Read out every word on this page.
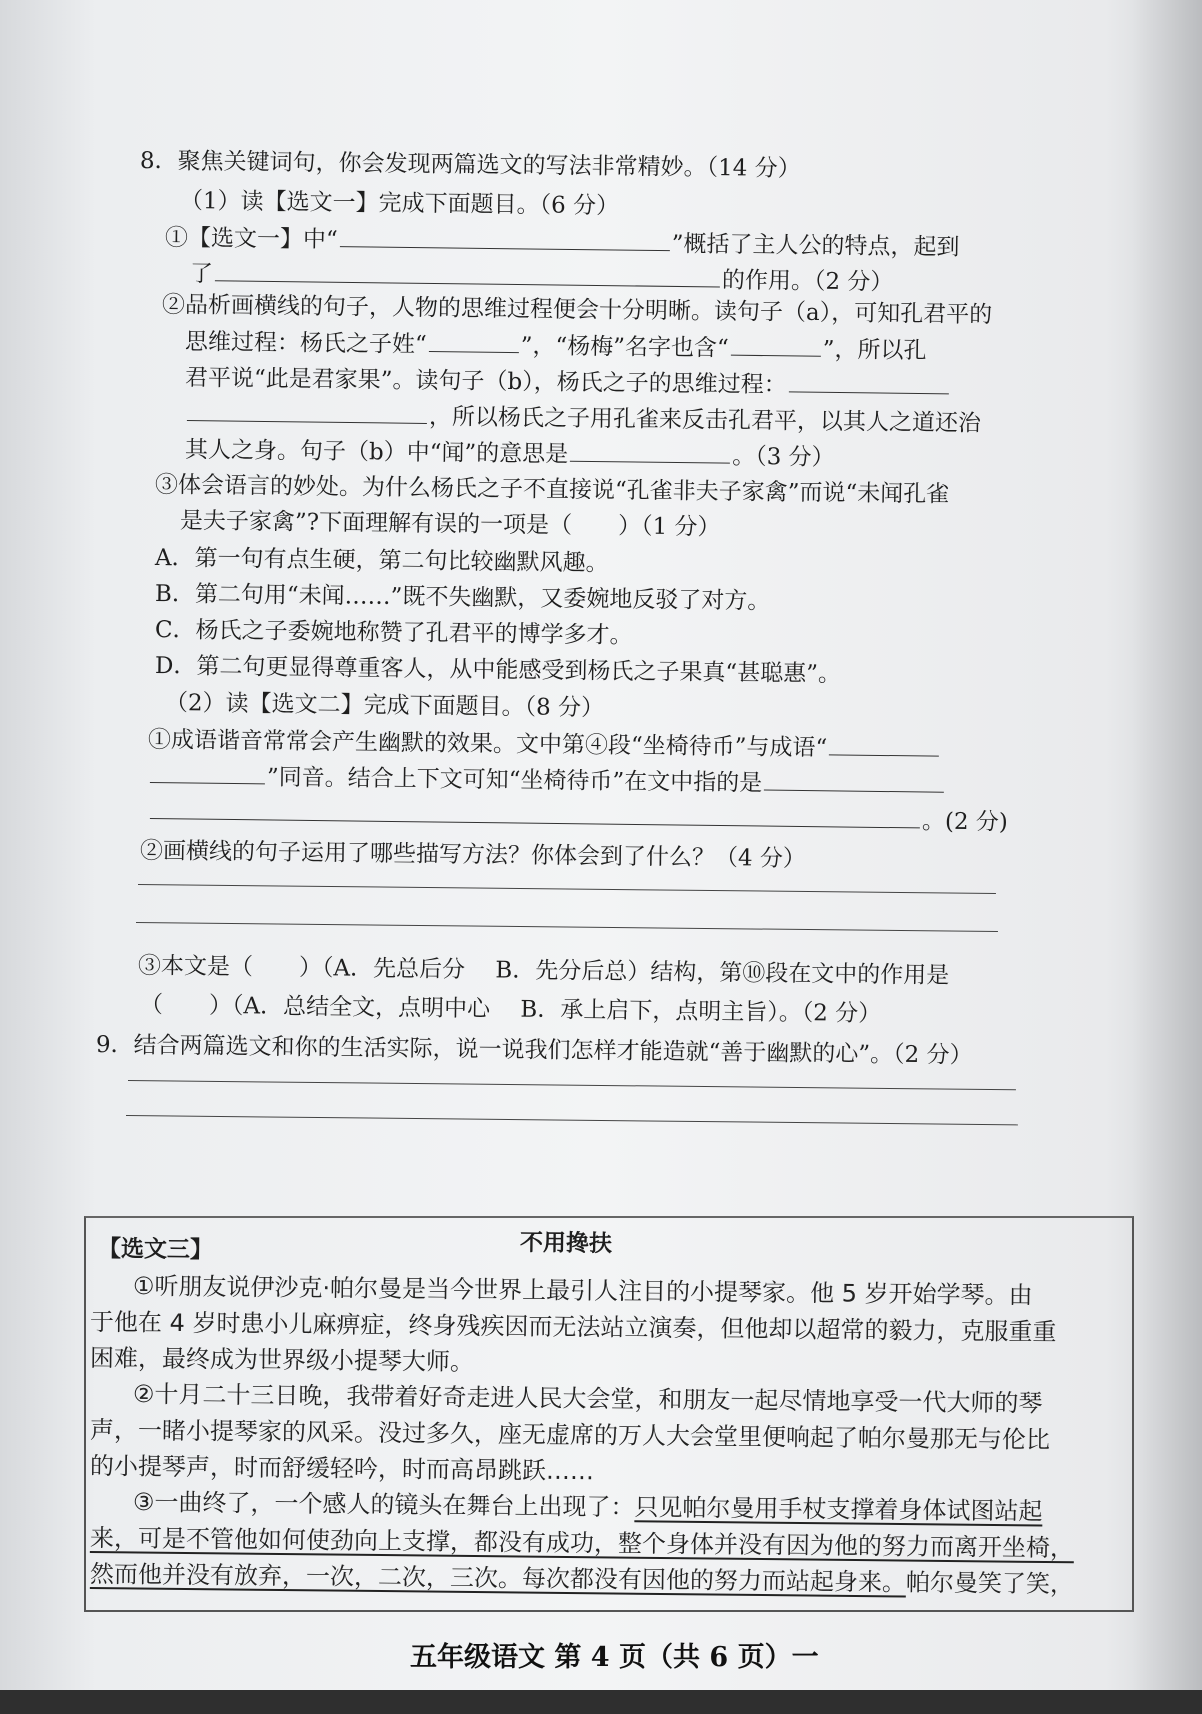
8．聚焦关键词句，你会发现两篇选文的写法非常精妙。（14 分）
（1）读【选文一】完成下面题目。（6 分）
①【选文一】中“	”概括了主人公的特点，起到
了	的作用。（2 分）
②品析画横线的句子，人物的思维过程便会十分明晰。读句子（a），可知孔君平的
思维过程：杨氏之子姓“	”，“杨梅”名字也含“	”，所以孔
君平说“此是君家果”。读句子（b），杨氏之子的思维过程：
，所以杨氏之子用孔雀来反击孔君平，以其人之道还治
其人之身。句子（b）中“闻”的意思是	。（3 分）
③体会语言的妙处。为什么杨氏之子不直接说“孔雀非夫子家禽”而说“未闻孔雀
是夫子家禽”?下面理解有误的一项是（　　）（1 分）
A．第一句有点生硬，第二句比较幽默风趣。
B．第二句用“未闻……”既不失幽默，又委婉地反驳了对方。
C．杨氏之子委婉地称赞了孔君平的博学多才。
D．第二句更显得尊重客人，从中能感受到杨氏之子果真“甚聪惠”。
（2）读【选文二】完成下面题目。（8 分）
①成语谐音常常会产生幽默的效果。文中第④段“坐椅待币”与成语“
”同音。结合上下文可知“坐椅待币”在文中指的是
。(2 分)
②画横线的句子运用了哪些描写方法？你体会到了什么？（4 分）
③本文是（　　）（A．先总后分　 B．先分后总）结构，第⑩段在文中的作用是
（　　）（A．总结全文，点明中心　 B．承上启下，点明主旨）。（2 分）
9．结合两篇选文和你的生活实际，说一说我们怎样才能造就“善于幽默的心”。（2 分）
【选文三】	不用搀扶
①听朋友说伊沙克·帕尔曼是当今世界上最引人注目的小提琴家。他 5 岁开始学琴。由
于他在 4 岁时患小儿麻痹症，终身残疾因而无法站立演奏，但他却以超常的毅力，克服重重
困难，最终成为世界级小提琴大师。
②十月二十三日晚，我带着好奇走进人民大会堂，和朋友一起尽情地享受一代大师的琴
声，一睹小提琴家的风采。没过多久，座无虚席的万人大会堂里便响起了帕尔曼那无与伦比
的小提琴声，时而舒缓轻吟，时而高昂跳跃……
③一曲终了，一个感人的镜头在舞台上出现了：只见帕尔曼用手杖支撑着身体试图站起
来，可是不管他如何使劲向上支撑，都没有成功，整个身体并没有因为他的努力而离开坐椅，
然而他并没有放弃，一次，二次，三次。每次都没有因他的努力而站起身来。帕尔曼笑了笑，
五年级语文 第 4 页（共 6 页）一
